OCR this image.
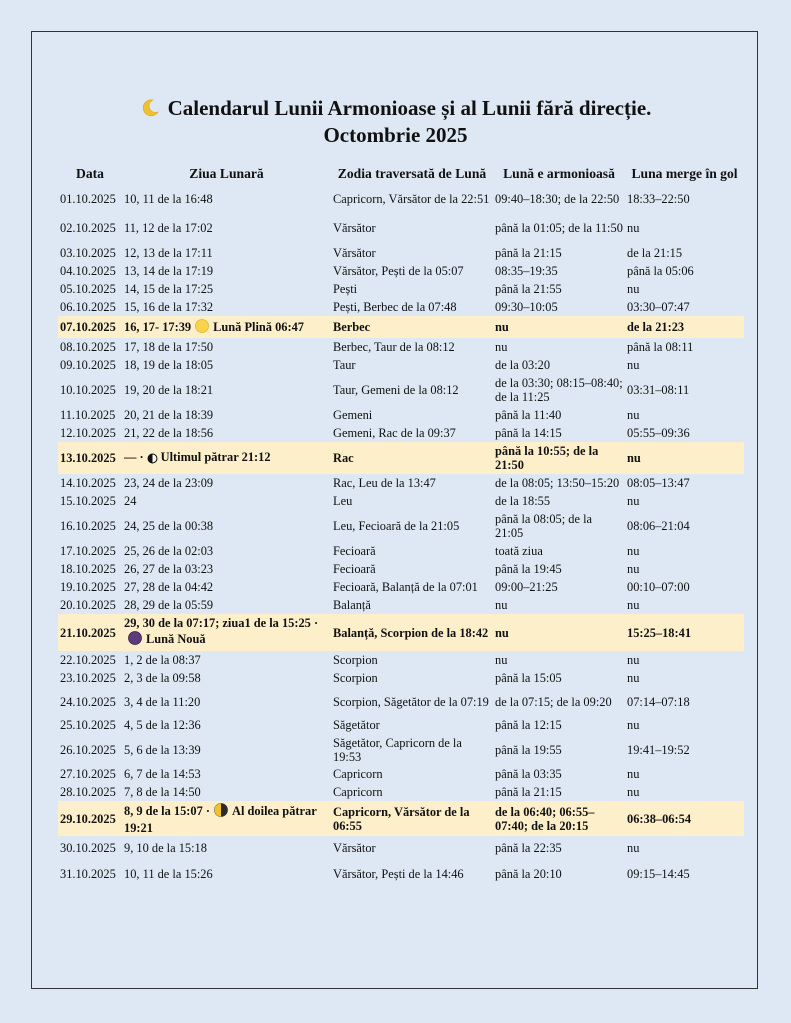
Calendarul Lunii Armonioase și al Lunii fără direcție.
Octombrie 2025
Data	Ziua Lunară	Zodia traversată de Lună	Lună e armonioasă	Luna merge în gol
01.10.2025	10, 11 de la 16:48	Capricorn, Vărsător de la 22:51	09:40–18:30; de la 22:50	18:33–22:50
02.10.2025	11, 12 de la 17:02	Vărsător	până la 01:05; de la 11:50	nu
03.10.2025	12, 13 de la 17:11	Vărsător	până la 21:15	de la 21:15
04.10.2025	13, 14 de la 17:19	Vărsător, Pești de la 05:07	08:35–19:35	până la 05:06
05.10.2025	14, 15 de la 17:25	Pești	până la 21:55	nu
06.10.2025	15, 16 de la 17:32	Pești, Berbec de la 07:48	09:30–10:05	03:30–07:47
07.10.2025	16, 17- 17:39 Lună Plină 06:47	Berbec	nu	de la 21:23
08.10.2025	17, 18 de la 17:50	Berbec, Taur de la 08:12	nu	până la 08:11
09.10.2025	18, 19 de la 18:05	Taur	de la 03:20	nu
10.10.2025	19, 20 de la 18:21	Taur, Gemeni de la 08:12	de la 03:30; 08:15–08:40; de la 11:25	03:31–08:11
11.10.2025	20, 21 de la 18:39	Gemeni	până la 11:40	nu
12.10.2025	21, 22 de la 18:56	Gemeni, Rac de la 09:37	până la 14:15	05:55–09:36
13.10.2025	— · Ultimul pătrar 21:12	Rac	până la 10:55; de la 21:50	nu
14.10.2025	23, 24 de la 23:09	Rac, Leu de la 13:47	de la 08:05; 13:50–15:20	08:05–13:47
15.10.2025	24	Leu	de la 18:55	nu
16.10.2025	24, 25 de la 00:38	Leu, Fecioară de la 21:05	până la 08:05; de la 21:05	08:06–21:04
17.10.2025	25, 26 de la 02:03	Fecioară	toată ziua	nu
18.10.2025	26, 27 de la 03:23	Fecioară	până la 19:45	nu
19.10.2025	27, 28 de la 04:42	Fecioară, Balanță de la 07:01	09:00–21:25	00:10–07:00
20.10.2025	28, 29 de la 05:59	Balanță	nu	nu
21.10.2025	29, 30 de la 07:17; ziua1 de la 15:25 ·Lună Nouă	Balanță, Scorpion de la 18:42	nu	15:25–18:41
22.10.2025	1, 2 de la 08:37	Scorpion	nu	nu
23.10.2025	2, 3 de la 09:58	Scorpion	până la 15:05	nu
24.10.2025	3, 4 de la 11:20	Scorpion, Săgetător de la 07:19	de la 07:15; de la 09:20	07:14–07:18
25.10.2025	4, 5 de la 12:36	Săgetător	până la 12:15	nu
26.10.2025	5, 6 de la 13:39	Săgetător, Capricorn de la 19:53	până la 19:55	19:41–19:52
27.10.2025	6, 7 de la 14:53	Capricorn	până la 03:35	nu
28.10.2025	7, 8 de la 14:50	Capricorn	până la 21:15	nu
29.10.2025	8, 9 de la 15:07 · Al doilea pătrar 19:21	Capricorn, Vărsător de la 06:55	de la 06:40; 06:55–07:40; de la 20:15	06:38–06:54
30.10.2025	9, 10 de la 15:18	Vărsător	până la 22:35	nu
31.10.2025	10, 11 de la 15:26	Vărsător, Pești de la 14:46	până la 20:10	09:15–14:45
